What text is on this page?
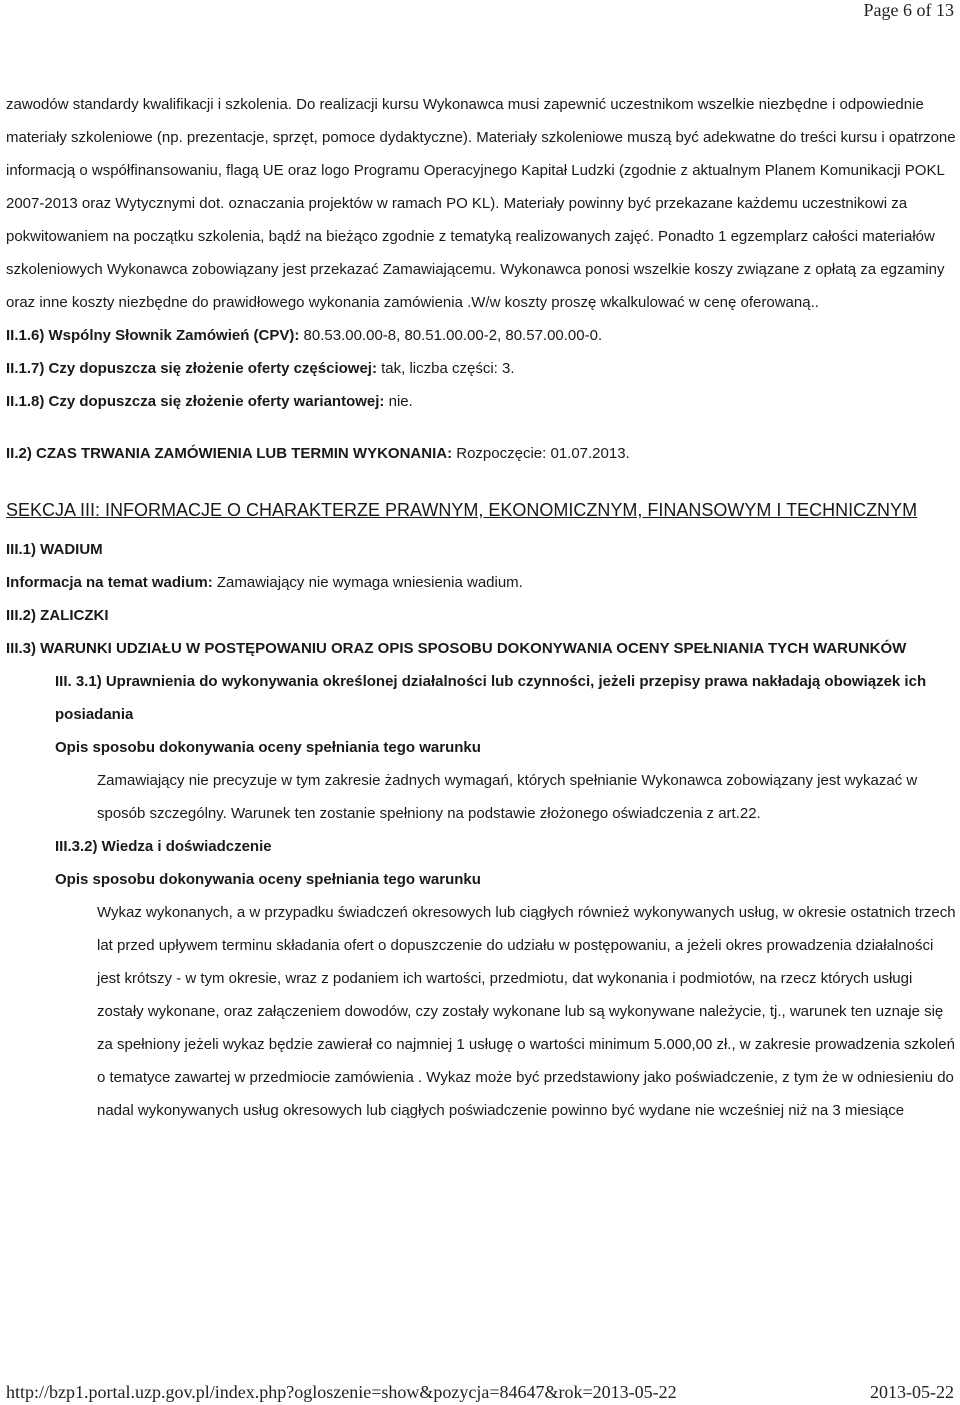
Page 6 of 13

zawodów standardy kwalifikacji i szkolenia. Do realizacji kursu Wykonawca musi zapewnić uczestnikom wszelkie niezbędne i odpowiednie materiały szkoleniowe (np. prezentacje, sprzęt, pomoce dydaktyczne). Materiały szkoleniowe muszą być adekwatne do treści kursu i opatrzone informacją o współfinansowaniu, flagą UE oraz logo Programu Operacyjnego Kapitał Ludzki (zgodnie z aktualnym Planem Komunikacji POKL 2007-2013 oraz Wytycznymi dot. oznaczania projektów w ramach PO KL). Materiały powinny być przekazane każdemu uczestnikowi za pokwitowaniem na początku szkolenia, bądź na bieżąco zgodnie z tematyką realizowanych zajęć. Ponadto 1 egzemplarz całości materiałów szkoleniowych Wykonawca zobowiązany jest przekazać Zamawiającemu. Wykonawca ponosi wszelkie koszy związane z opłatą za egzaminy oraz inne koszty niezbędne do prawidłowego wykonania zamówienia .W/w koszty proszę wkalkulować w cenę oferowaną..

II.1.6) Wspólny Słownik Zamówień (CPV): 80.53.00.00-8, 80.51.00.00-2, 80.57.00.00-0.

II.1.7) Czy dopuszcza się złożenie oferty częściowej: tak, liczba części: 3.

II.1.8) Czy dopuszcza się złożenie oferty wariantowej: nie.

II.2) CZAS TRWANIA ZAMÓWIENIA LUB TERMIN WYKONANIA: Rozpoczęcie: 01.07.2013.

SEKCJA III: INFORMACJE O CHARAKTERZE PRAWNYM, EKONOMICZNYM, FINANSOWYM I TECHNICZNYM

III.1) WADIUM

Informacja na temat wadium: Zamawiający nie wymaga wniesienia wadium.

III.2) ZALICZKI

III.3) WARUNKI UDZIAŁU W POSTĘPOWANIU ORAZ OPIS SPOSOBU DOKONYWANIA OCENY SPEŁNIANIA TYCH WARUNKÓW

III. 3.1) Uprawnienia do wykonywania określonej działalności lub czynności, jeżeli przepisy prawa nakładają obowiązek ich posiadania

Opis sposobu dokonywania oceny spełniania tego warunku

Zamawiający nie precyzuje w tym zakresie żadnych wymagań, których spełnianie Wykonawca zobowiązany jest wykazać w sposób szczególny. Warunek ten zostanie spełniony na podstawie złożonego oświadczenia z art.22.

III.3.2) Wiedza i doświadczenie

Opis sposobu dokonywania oceny spełniania tego warunku

Wykaz wykonanych, a w przypadku świadczeń okresowych lub ciągłych również wykonywanych usług, w okresie ostatnich trzech lat przed upływem terminu składania ofert o dopuszczenie do udziału w postępowaniu, a jeżeli okres prowadzenia działalności jest krótszy - w tym okresie, wraz z podaniem ich wartości, przedmiotu, dat wykonania i podmiotów, na rzecz których usługi zostały wykonane, oraz załączeniem dowodów, czy zostały wykonane lub są wykonywane należycie, tj., warunek ten uznaje się za spełniony jeżeli wykaz będzie zawierał co najmniej 1 usługę o wartości minimum 5.000,00 zł., w zakresie prowadzenia szkoleń o tematyce zawartej w przedmiocie zamówienia . Wykaz może być przedstawiony jako poświadczenie, z tym że w odniesieniu do nadal wykonywanych usług okresowych lub ciągłych poświadczenie powinno być wydane nie wcześniej niż na 3 miesiące

http://bzp1.portal.uzp.gov.pl/index.php?ogloszenie=show&pozycja=84647&rok=2013-05-22	2013-05-22
